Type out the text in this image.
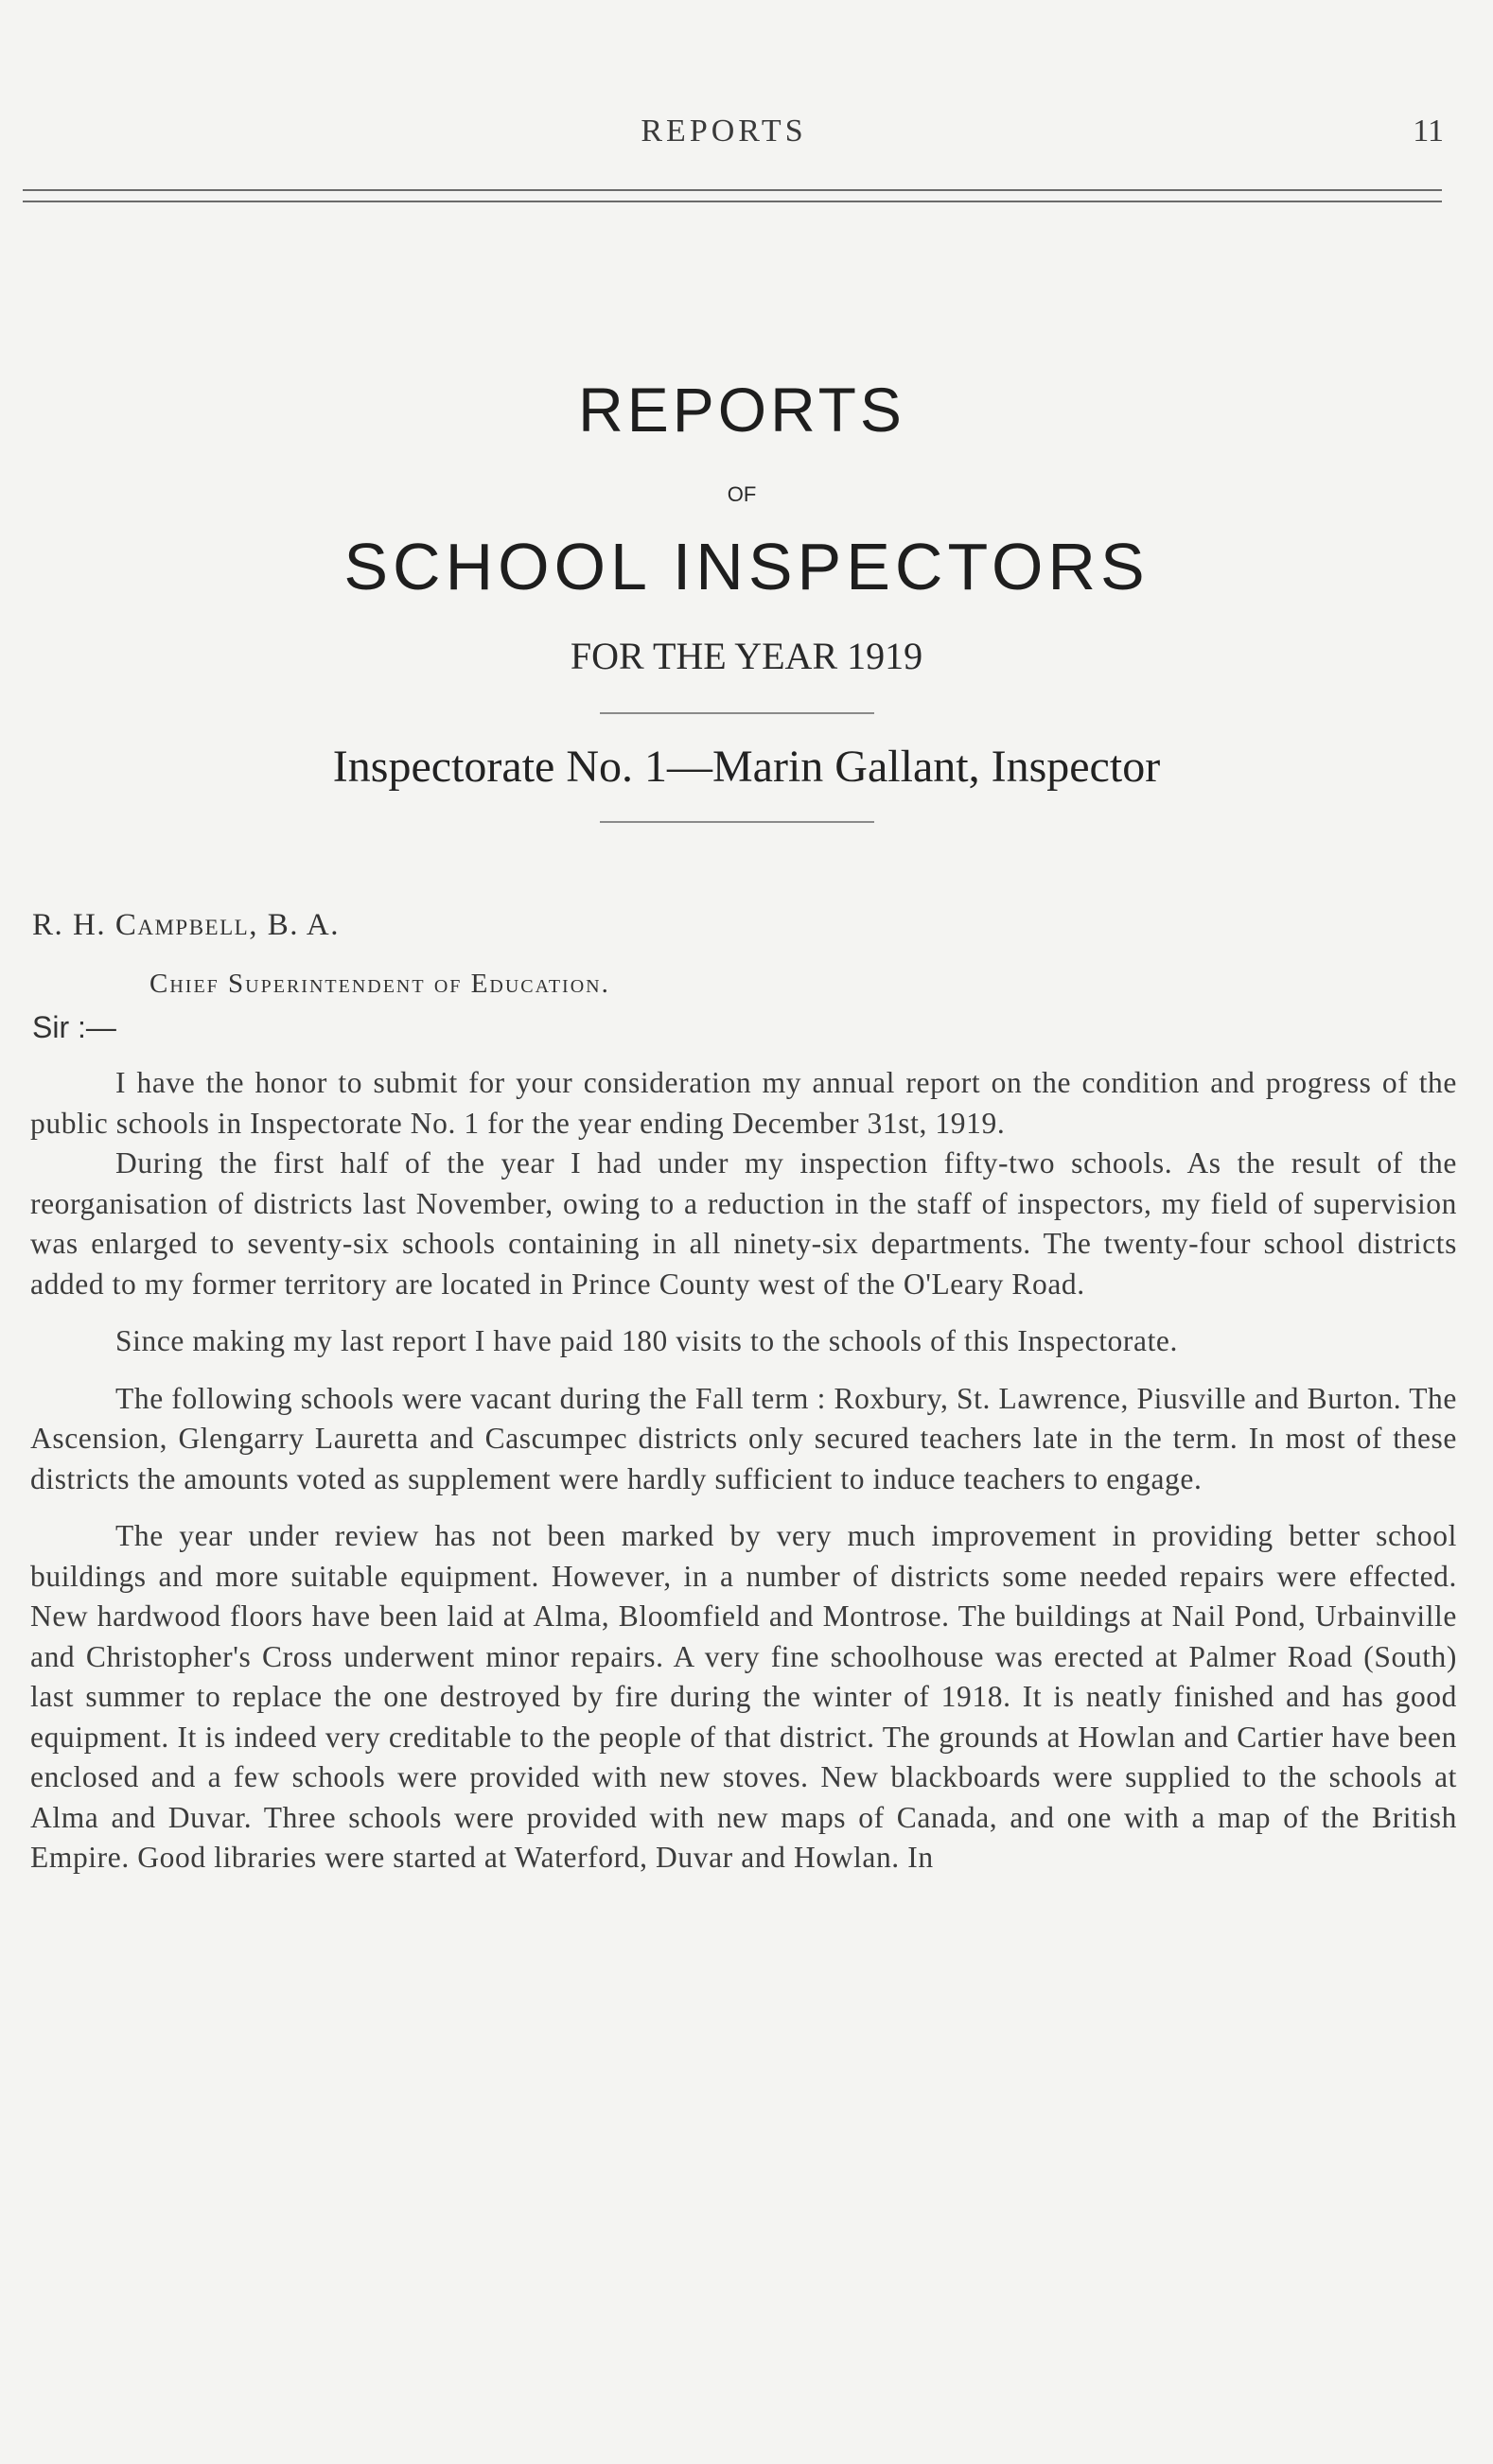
REPORTS	11
REPORTS
OF
SCHOOL INSPECTORS
FOR THE YEAR 1919
Inspectorate No. 1—Marin Gallant, Inspector
R. H. Campbell, B. A.
Chief Superintendent of Education.
Sir :—

I have the honor to submit for your consideration my annual report on the condition and progress of the public schools in Inspectorate No. 1 for the year ending December 31st, 1919.

During the first half of the year I had under my inspection fifty-two schools. As the result of the reorganisation of districts last November, owing to a reduction in the staff of inspectors, my field of supervision was enlarged to seventy-six schools containing in all ninety-six departments. The twenty-four school districts added to my former territory are located in Prince County west of the O'Leary Road.

Since making my last report I have paid 180 visits to the schools of this Inspectorate.

The following schools were vacant during the Fall term : Roxbury, St. Lawrence, Piusville and Burton. The Ascension, Glengarry Lauretta and Cascumpec districts only secured teachers late in the term. In most of these districts the amounts voted as supplement were hardly sufficient to induce teachers to engage.

The year under review has not been marked by very much improvement in providing better school buildings and more suitable equipment. However, in a number of districts some needed repairs were effected. New hardwood floors have been laid at Alma, Bloomfield and Montrose. The buildings at Nail Pond, Urbainville and Christopher's Cross underwent minor repairs. A very fine schoolhouse was erected at Palmer Road (South) last summer to replace the one destroyed by fire during the winter of 1918. It is neatly finished and has good equipment. It is indeed very creditable to the people of that district. The grounds at Howlan and Cartier have been enclosed and a few schools were provided with new stoves. New blackboards were supplied to the schools at Alma and Duvar. Three schools were provided with new maps of Canada, and one with a map of the British Empire. Good libraries were started at Waterford, Duvar and Howlan. In
